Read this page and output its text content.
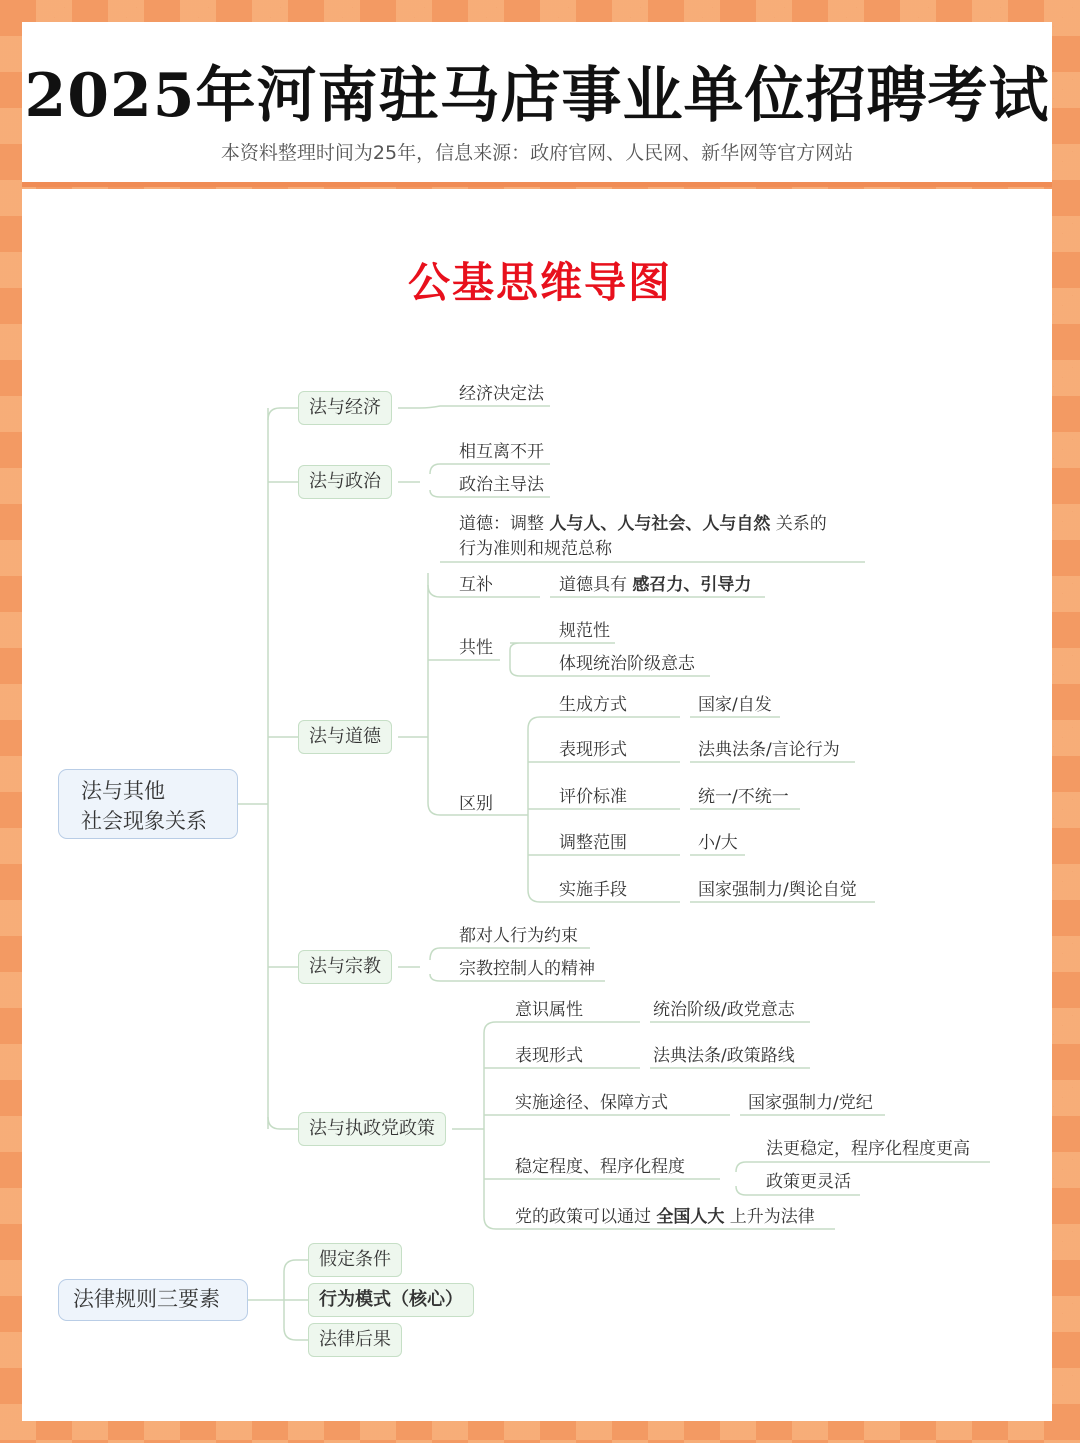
2025年河南驻马店事业单位招聘考试
本资料整理时间为25年，信息来源：政府官网、人民网、新华网等官方网站
公基思维导图
法与其他
社会现象关系
法与经济
经济决定法
法与政治
相互离不开
政治主导法
法与道德
道德：调整 人与人、人与社会、人与自然 关系的
行为准则和规范总称
互补	道德具有 感召力、引导力
共性
规范性
体现统治阶级意志
区别
生成方式	国家/自发
表现形式	法典法条/言论行为
评价标准	统一/不统一
调整范围	小/大
实施手段	国家强制力/舆论自觉
法与宗教
都对人行为约束
宗教控制人的精神
法与执政党政策
意识属性	统治阶级/政党意志
表现形式	法典法条/政策路线
实施途径、保障方式	国家强制力/党纪
稳定程度、程序化程度
法更稳定，程序化程度更高
政策更灵活
党的政策可以通过 全国人大 上升为法律
法律规则三要素
假定条件
行为模式（核心）
法律后果
